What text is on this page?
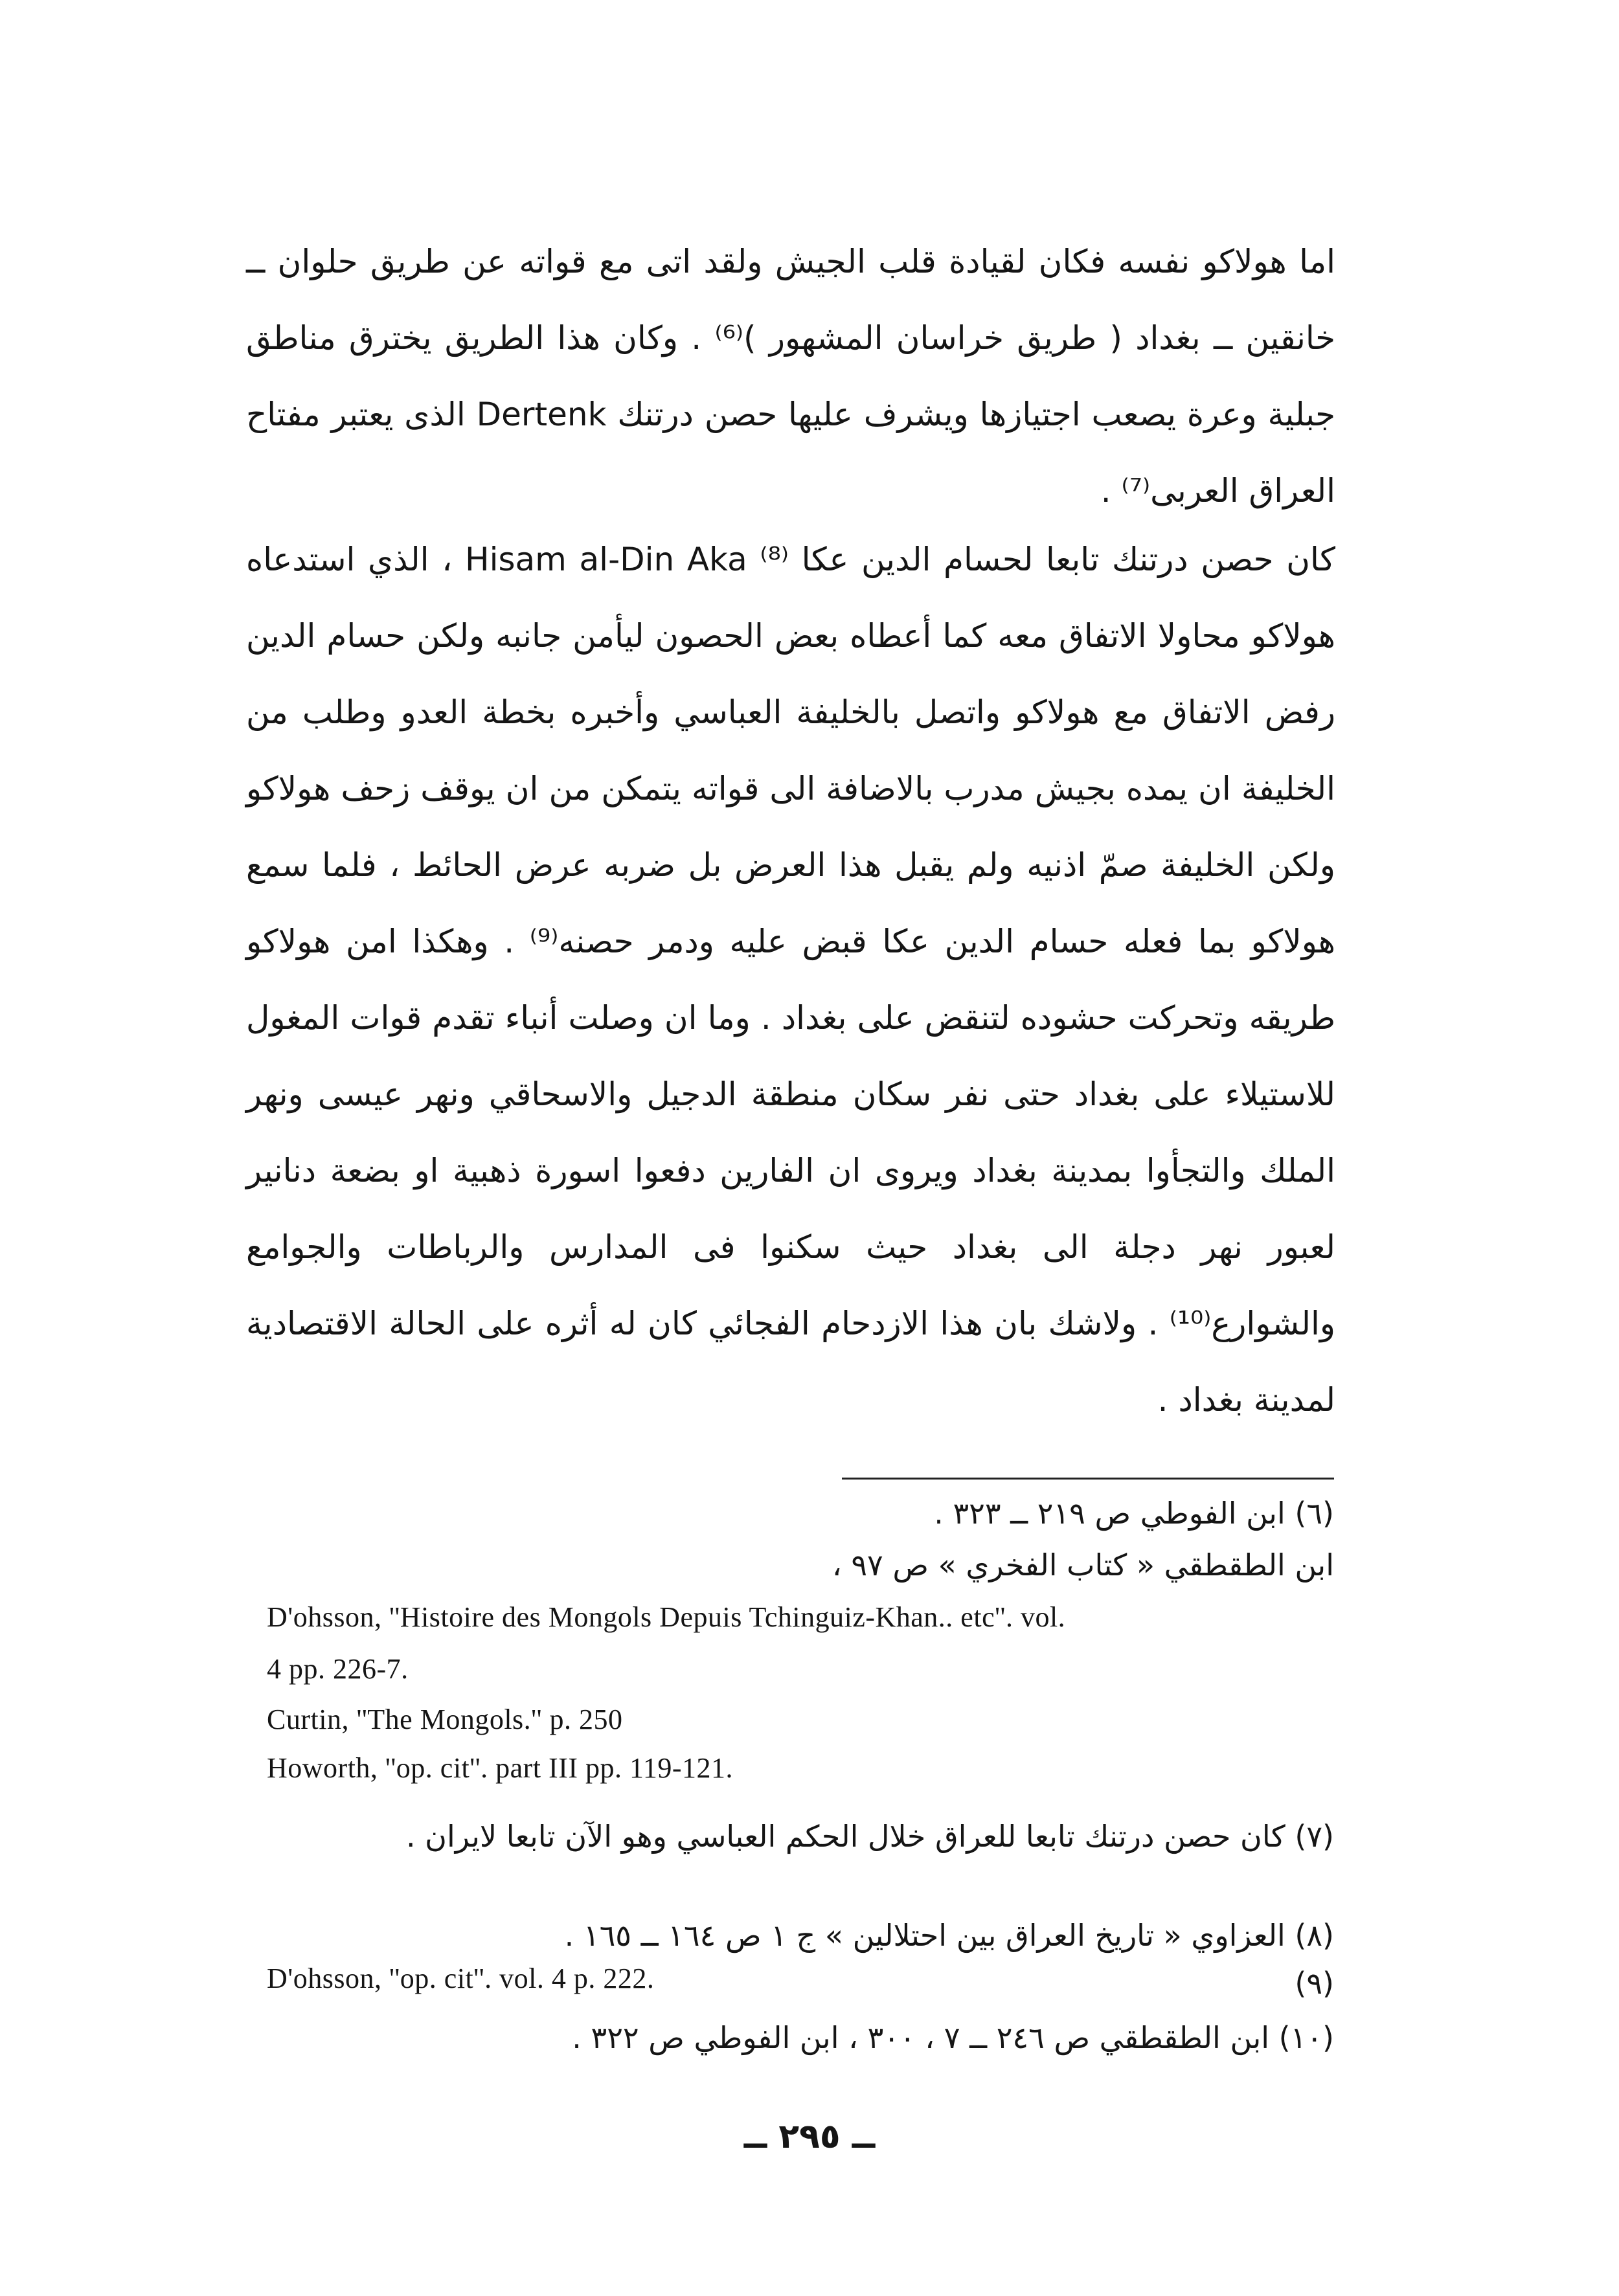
اما هولاكو نفسه فكان لقيادة قلب الجيش ولقد اتى مع قواته عن طريق حلوان ــ خانقين ــ بغداد ( طريق خراسان المشهور )⁽⁶⁾ . وكان هذا الطريق يخترق مناطق جبلية وعرة يصعب اجتيازها ويشرف عليها حصن درتنك Dertenk الذى يعتبر مفتاح العراق العربى⁽⁷⁾ .

كان حصن درتنك تابعا لحسام الدين عكا Hisam al-Din Aka ⁽⁸⁾ ، الذي استدعاه هولاكو محاولا الاتفاق معه كما أعطاه بعض الحصون ليأمن جانبه ولكن حسام الدين رفض الاتفاق مع هولاكو واتصل بالخليفة العباسي وأخبره بخطة العدو وطلب من الخليفة ان يمده بجيش مدرب بالاضافة الى قواته يتمكن من ان يوقف زحف هولاكو ولكن الخليفة صمّ اذنيه ولم يقبل هذا العرض بل ضربه عرض الحائط ، فلما سمع هولاكو بما فعله حسام الدين عكا قبض عليه ودمر حصنه⁽⁹⁾ . وهكذا امن هولاكو طريقه وتحركت حشوده لتنقض على بغداد . وما ان وصلت أنباء تقدم قوات المغول للاستيلاء على بغداد حتى نفر سكان منطقة الدجيل والاسحاقي ونهر عيسى ونهر الملك والتجأوا بمدينة بغداد ويروى ان الفارين دفعوا اسورة ذهبية او بضعة دنانير لعبور نهر دجلة الى بغداد حيث سكنوا فى المدارس والرباطات والجوامع والشوارع⁽¹⁰⁾ . ولاشك بان هذا الازدحام الفجائي كان له أثره على الحالة الاقتصادية لمدينة بغداد .

(٦) ابن الفوطي ص ٢١٩ ــ ٣٢٣ .

ابن الطقطقي « كتاب الفخري » ص ٩٧ ،

D'ohsson, ''Histoire des Mongols Depuis Tchinguiz-Khan.. etc''. vol.

4 pp. 226-7.

Curtin, ''The Mongols.'' p. 250

Howorth, ''op. cit''. part III pp. 119-121.

(٧) كان حصن درتنك تابعا للعراق خلال الحكم العباسي وهو الآن تابعا لايران .

(٨) العزاوي « تاريخ العراق بين احتلالين » ج ١ ص ١٦٤ ــ ١٦٥ .

D'ohsson, ''op. cit''. vol. 4 p. 222.	(٩)

(١٠) ابن الطقطقي ص ٢٤٦ ــ ٧ ، ٣٠٠ ، ابن الفوطي ص ٣٢٢ .

ــ ٢٩٥ ــ
